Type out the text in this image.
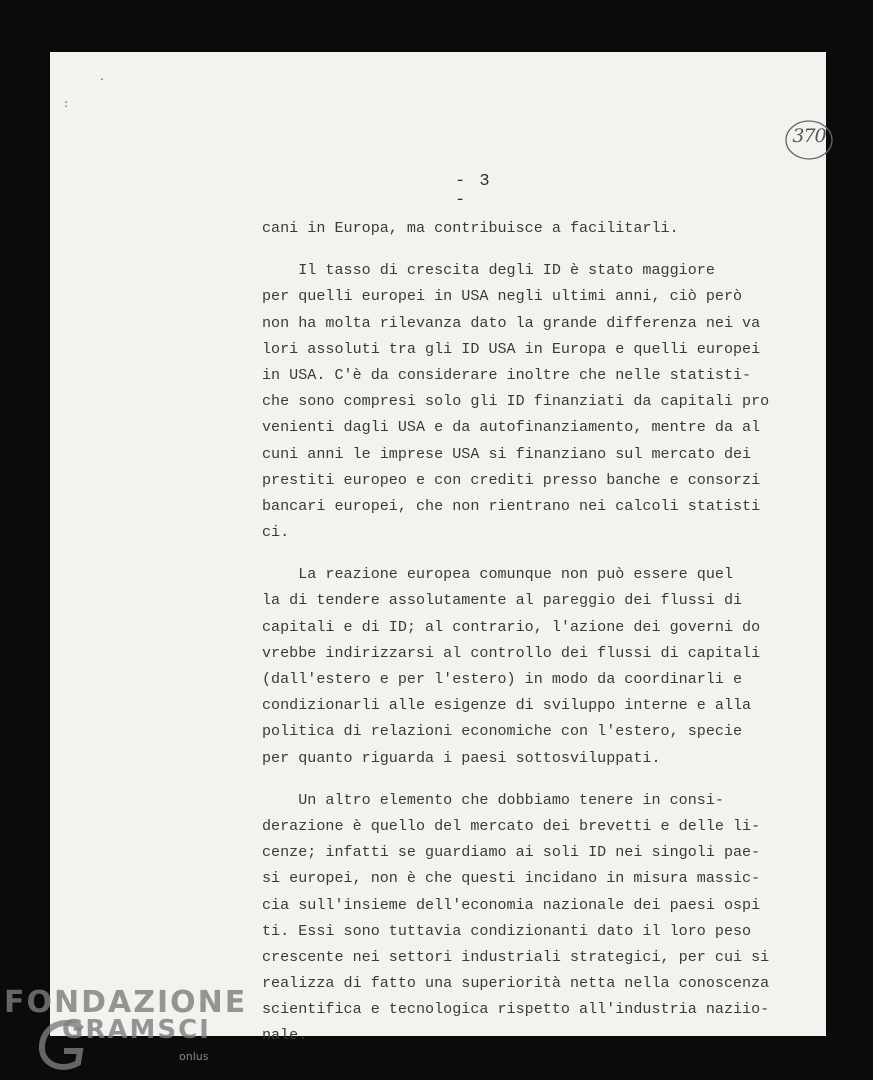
370
- 3 -
cani in Europa, ma contribuisce a facilitarli.
Il tasso di crescita degli ID è stato maggiore
per quelli europei in USA negli ultimi anni, ciò però
non ha molta rilevanza dato la grande differenza nei va
lori assoluti tra gli ID USA in Europa e quelli europei
in USA. C'è da considerare inoltre che nelle statisti-
che sono compresi solo gli ID finanziati da capitali pro
venienti dagli USA e da autofinanziamento, mentre da al
cuni anni le imprese USA si finanziano sul mercato dei
prestiti europeo e con crediti presso banche e consorzi
bancari europei, che non rientrano nei calcoli statisti
ci.
La reazione europea comunque non può essere quel
la di tendere assolutamente al pareggio dei flussi di
capitali e di ID; al contrario, l'azione dei governi do
vrebbe indirizzarsi al controllo dei flussi di capitali
(dall'estero e per l'estero) in modo da coordinarli e
condizionarli alle esigenze di sviluppo interne e alla
politica di relazioni economiche con l'estero, specie
per quanto riguarda i paesi sottosviluppati.
Un altro elemento che dobbiamo tenere in consi-
derazione è quello del mercato dei brevetti e delle li-
cenze; infatti se guardiamo ai soli ID nei singoli pae-
si europei, non è che questi incidano in misura massic-
cia sull'insieme dell'economia nazionale dei paesi ospi
ti. Essi sono tuttavia condizionanti dato il loro peso
crescente nei settori industriali strategici, per cui si
realizza di fatto una superiorità netta nella conoscenza
scientifica e tecnologica rispetto all'industria naziio-
nale.
·
:
FONDAZIONE
GRAMSCI
onlus
